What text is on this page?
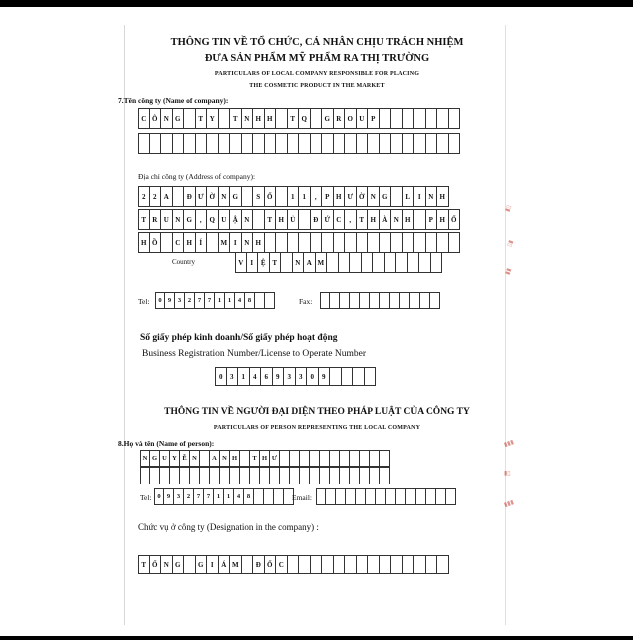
THÔNG TIN VỀ TỔ CHỨC, CÁ NHÂN CHỊU TRÁCH NHIỆM
ĐƯA SẢN PHẨM MỸ PHẨM RA THỊ TRƯỜNG
PARTICULARS OF LOCAL COMPANY RESPONSIBLE FOR PLACING
THE COSMETIC PRODUCT IN THE MARKET
7.Tên công ty (Name of company):
C Ô N G	T Y	T N H H	T Q	G R O U P
Địa chỉ công ty (Address of company):
2	2	A	Đ Ư Ờ N G	S Ố	1	1	,	P H Ư Ờ N G	L	I	N H
T R U N G	,	Q U Ậ N	T H Ủ	Đ Ứ C	,	T H À N H	P H Ố
H Ồ	C H	Í	M I	N H
Country	V	I	Ệ T	N A M
Tel:	0 9	3	2	7	7	1	1	4	8	Fax:
Số giấy phép kinh doanh/Số giấy phép hoạt động
Business Registration Number/License to Operate Number
0	3	1	4	6	9	3	3	0	9
THÔNG TIN VỀ NGƯỜI ĐẠI DIỆN THEO PHÁP LUẬT CỦA CÔNG TY
PARTICULARS OF PERSON REPRESENTING THE LOCAL COMPANY
8.Họ và tên (Name of person):
N G U Y Ễ N	A N H	T H Ư
Tel: 0 9	3	2	7	7	1	1	4	8	Email:
Chức vụ ở công ty (Designation in the company) :
T Ổ N G	G	I	Á M	Đ Ố C
▮▯
▯▮
▮▮
▮▮▮
▮▯
▮▮▮
